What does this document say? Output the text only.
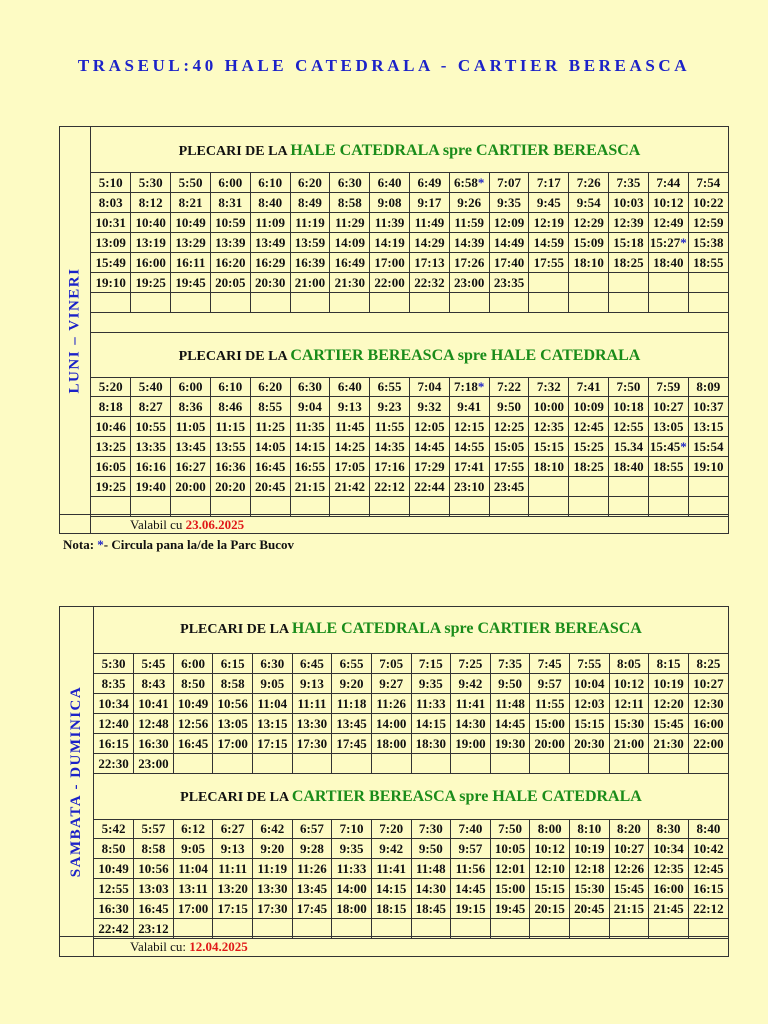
TRASEUL:40 HALE CATEDRALA - CARTIER BEREASCA
LUNI – VINERI
PLECARI DE LA HALE CATEDRALA spre CARTIER BEREASCA
5:10	5:30	5:50	6:00	6:10	6:20	6:30	6:40	6:49	6:58*	7:07	7:17	7:26	7:35	7:44	7:54
8:03	8:12	8:21	8:31	8:40	8:49	8:58	9:08	9:17	9:26	9:35	9:45	9:54	10:03	10:12	10:22
10:31	10:40	10:49	10:59	11:09	11:19	11:29	11:39	11:49	11:59	12:09	12:19	12:29	12:39	12:49	12:59
13:09	13:19	13:29	13:39	13:49	13:59	14:09	14:19	14:29	14:39	14:49	14:59	15:09	15:18	15:27*	15:38
15:49	16:00	16:11	16:20	16:29	16:39	16:49	17:00	17:13	17:26	17:40	17:55	18:10	18:25	18:40	18:55
19:10	19:25	19:45	20:05	20:30	21:00	21:30	22:00	22:32	23:00	23:35					

PLECARI DE LA CARTIER BEREASCA spre HALE CATEDRALA
5:20	5:40	6:00	6:10	6:20	6:30	6:40	6:55	7:04	7:18*	7:22	7:32	7:41	7:50	7:59	8:09
8:18	8:27	8:36	8:46	8:55	9:04	9:13	9:23	9:32	9:41	9:50	10:00	10:09	10:18	10:27	10:37
10:46	10:55	11:05	11:15	11:25	11:35	11:45	11:55	12:05	12:15	12:25	12:35	12:45	12:55	13:05	13:15
13:25	13:35	13:45	13:55	14:05	14:15	14:25	14:35	14:45	14:55	15:05	15:15	15:25	15.34	15:45*	15:54
16:05	16:16	16:27	16:36	16:45	16:55	17:05	17:16	17:29	17:41	17:55	18:10	18:25	18:40	18:55	19:10
19:25	19:40	20:00	20:20	20:45	21:15	21:42	22:12	22:44	23:10	23:45					

Valabil cu 23.06.2025
Nota: *- Circula pana la/de la Parc Bucov
SAMBATA - DUMINICA
PLECARI DE LA HALE CATEDRALA spre CARTIER BEREASCA
5:30	5:45	6:00	6:15	6:30	6:45	6:55	7:05	7:15	7:25	7:35	7:45	7:55	8:05	8:15	8:25
8:35	8:43	8:50	8:58	9:05	9:13	9:20	9:27	9:35	9:42	9:50	9:57	10:04	10:12	10:19	10:27
10:34	10:41	10:49	10:56	11:04	11:11	11:18	11:26	11:33	11:41	11:48	11:55	12:03	12:11	12:20	12:30
12:40	12:48	12:56	13:05	13:15	13:30	13:45	14:00	14:15	14:30	14:45	15:00	15:15	15:30	15:45	16:00
16:15	16:30	16:45	17:00	17:15	17:30	17:45	18:00	18:30	19:00	19:30	20:00	20:30	21:00	21:30	22:00
22:30	23:00														
PLECARI DE LA CARTIER BEREASCA spre HALE CATEDRALA
5:42	5:57	6:12	6:27	6:42	6:57	7:10	7:20	7:30	7:40	7:50	8:00	8:10	8:20	8:30	8:40
8:50	8:58	9:05	9:13	9:20	9:28	9:35	9:42	9:50	9:57	10:05	10:12	10:19	10:27	10:34	10:42
10:49	10:56	11:04	11:11	11:19	11:26	11:33	11:41	11:48	11:56	12:01	12:10	12:18	12:26	12:35	12:45
12:55	13:03	13:11	13:20	13:30	13:45	14:00	14:15	14:30	14:45	15:00	15:15	15:30	15:45	16:00	16:15
16:30	16:45	17:00	17:15	17:30	17:45	18:00	18:15	18:45	19:15	19:45	20:15	20:45	21:15	21:45	22:12
22:42	23:12														
Valabil cu: 12.04.2025
